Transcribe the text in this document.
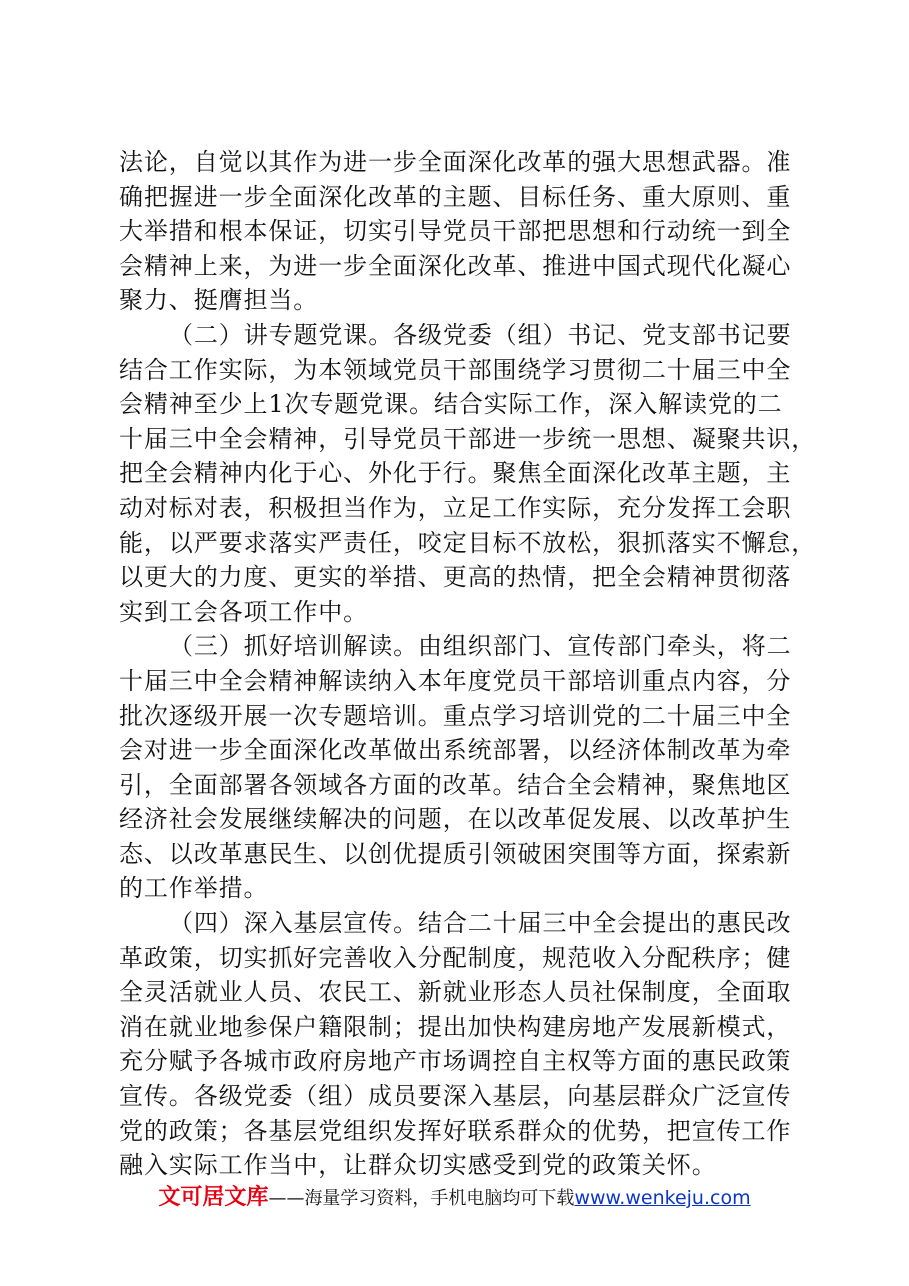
法论，自觉以其作为进一步全面深化改革的强大思想武器。准
确把握进一步全面深化改革的主题、目标任务、重大原则、重
大举措和根本保证，切实引导党员干部把思想和行动统一到全
会精神上来，为进一步全面深化改革、推进中国式现代化凝心
聚力、挺膺担当。
（二）讲专题党课。各级党委（组）书记、党支部书记要
结合工作实际，为本领域党员干部围绕学习贯彻二十届三中全
会精神至少上1次专题党课。结合实际工作，深入解读党的二
十届三中全会精神，引导党员干部进一步统一思想、凝聚共识，
把全会精神内化于心、外化于行。聚焦全面深化改革主题，主
动对标对表，积极担当作为，立足工作实际，充分发挥工会职
能，以严要求落实严责任，咬定目标不放松，狠抓落实不懈怠，
以更大的力度、更实的举措、更高的热情，把全会精神贯彻落
实到工会各项工作中。
（三）抓好培训解读。由组织部门、宣传部门牵头，将二
十届三中全会精神解读纳入本年度党员干部培训重点内容，分
批次逐级开展一次专题培训。重点学习培训党的二十届三中全
会对进一步全面深化改革做出系统部署，以经济体制改革为牵
引，全面部署各领域各方面的改革。结合全会精神，聚焦地区
经济社会发展继续解决的问题，在以改革促发展、以改革护生
态、以改革惠民生、以创优提质引领破困突围等方面，探索新
的工作举措。
（四）深入基层宣传。结合二十届三中全会提出的惠民改
革政策，切实抓好完善收入分配制度，规范收入分配秩序；健
全灵活就业人员、农民工、新就业形态人员社保制度，全面取
消在就业地参保户籍限制；提出加快构建房地产发展新模式，
充分赋予各城市政府房地产市场调控自主权等方面的惠民政策
宣传。各级党委（组）成员要深入基层，向基层群众广泛宣传
党的政策；各基层党组织发挥好联系群众的优势，把宣传工作
融入实际工作当中，让群众切实感受到党的政策关怀。
文可居文库——海量学习资料，手机电脑均可下载www.wenkeju.com
